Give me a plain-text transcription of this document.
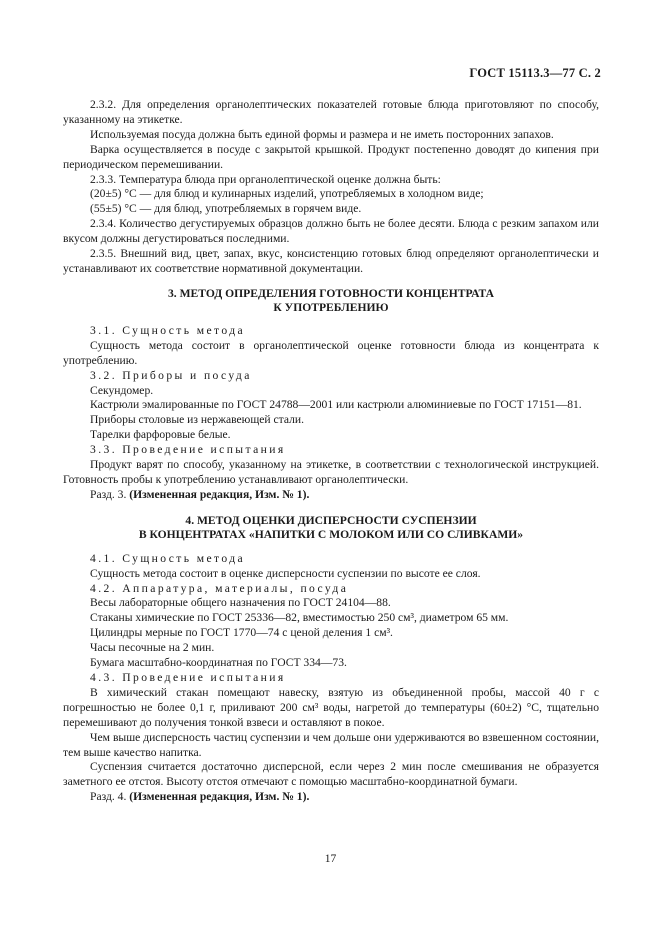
ГОСТ 15113.3—77 С. 2

2.3.2. Для определения органолептических показателей готовые блюда приготовляют по способу, указанному на этикетке.

Используемая посуда должна быть единой формы и размера и не иметь посторонних запахов.

Варка осуществляется в посуде с закрытой крышкой. Продукт постепенно доводят до кипения при периодическом перемешивании.

2.3.3. Температура блюда при органолептической оценке должна быть:

(20±5) °С — для блюд и кулинарных изделий, употребляемых в холодном виде;

(55±5) °С — для блюд, употребляемых в горячем виде.

2.3.4. Количество дегустируемых образцов должно быть не более десяти. Блюда с резким запахом или вкусом должны дегустироваться последними.

2.3.5. Внешний вид, цвет, запах, вкус, консистенцию готовых блюд определяют органолептически и устанавливают их соответствие нормативной документации.

3. МЕТОД ОПРЕДЕЛЕНИЯ ГОТОВНОСТИ КОНЦЕНТРАТА
К УПОТРЕБЛЕНИЮ

3.1. Сущность метода

Сущность метода состоит в органолептической оценке готовности блюда из концентрата к употреблению.

3.2. Приборы и посуда

Секундомер.

Кастрюли эмалированные по ГОСТ 24788—2001 или кастрюли алюминиевые по ГОСТ 17151—81.

Приборы столовые из нержавеющей стали.

Тарелки фарфоровые белые.

3.3. Проведение испытания

Продукт варят по способу, указанному на этикетке, в соответствии с технологической инструкцией. Готовность пробы к употреблению устанавливают органолептически.

Разд. 3. (Измененная редакция, Изм. № 1).

4. МЕТОД ОЦЕНКИ ДИСПЕРСНОСТИ СУСПЕНЗИИ
В КОНЦЕНТРАТАХ «НАПИТКИ С МОЛОКОМ ИЛИ СО СЛИВКАМИ»

4.1. Сущность метода

Сущность метода состоит в оценке дисперсности суспензии по высоте ее слоя.

4.2. Аппаратура, материалы, посуда

Весы лабораторные общего назначения по ГОСТ 24104—88.

Стаканы химические по ГОСТ 25336—82, вместимостью 250 см³, диаметром 65 мм.

Цилиндры мерные по ГОСТ 1770—74 с ценой деления 1 см³.

Часы песочные на 2 мин.

Бумага масштабно-координатная по ГОСТ 334—73.

4.3. Проведение испытания

В химический стакан помещают навеску, взятую из объединенной пробы, массой 40 г с погрешностью не более 0,1 г, приливают 200 см³ воды, нагретой до температуры (60±2) °С, тщательно перемешивают до получения тонкой взвеси и оставляют в покое.

Чем выше дисперсность частиц суспензии и чем дольше они удерживаются во взвешенном состоянии, тем выше качество напитка.

Суспензия считается достаточно дисперсной, если через 2 мин после смешивания не образуется заметного ее отстоя. Высоту отстоя отмечают с помощью масштабно-координатной бумаги.

Разд. 4. (Измененная редакция, Изм. № 1).

17
